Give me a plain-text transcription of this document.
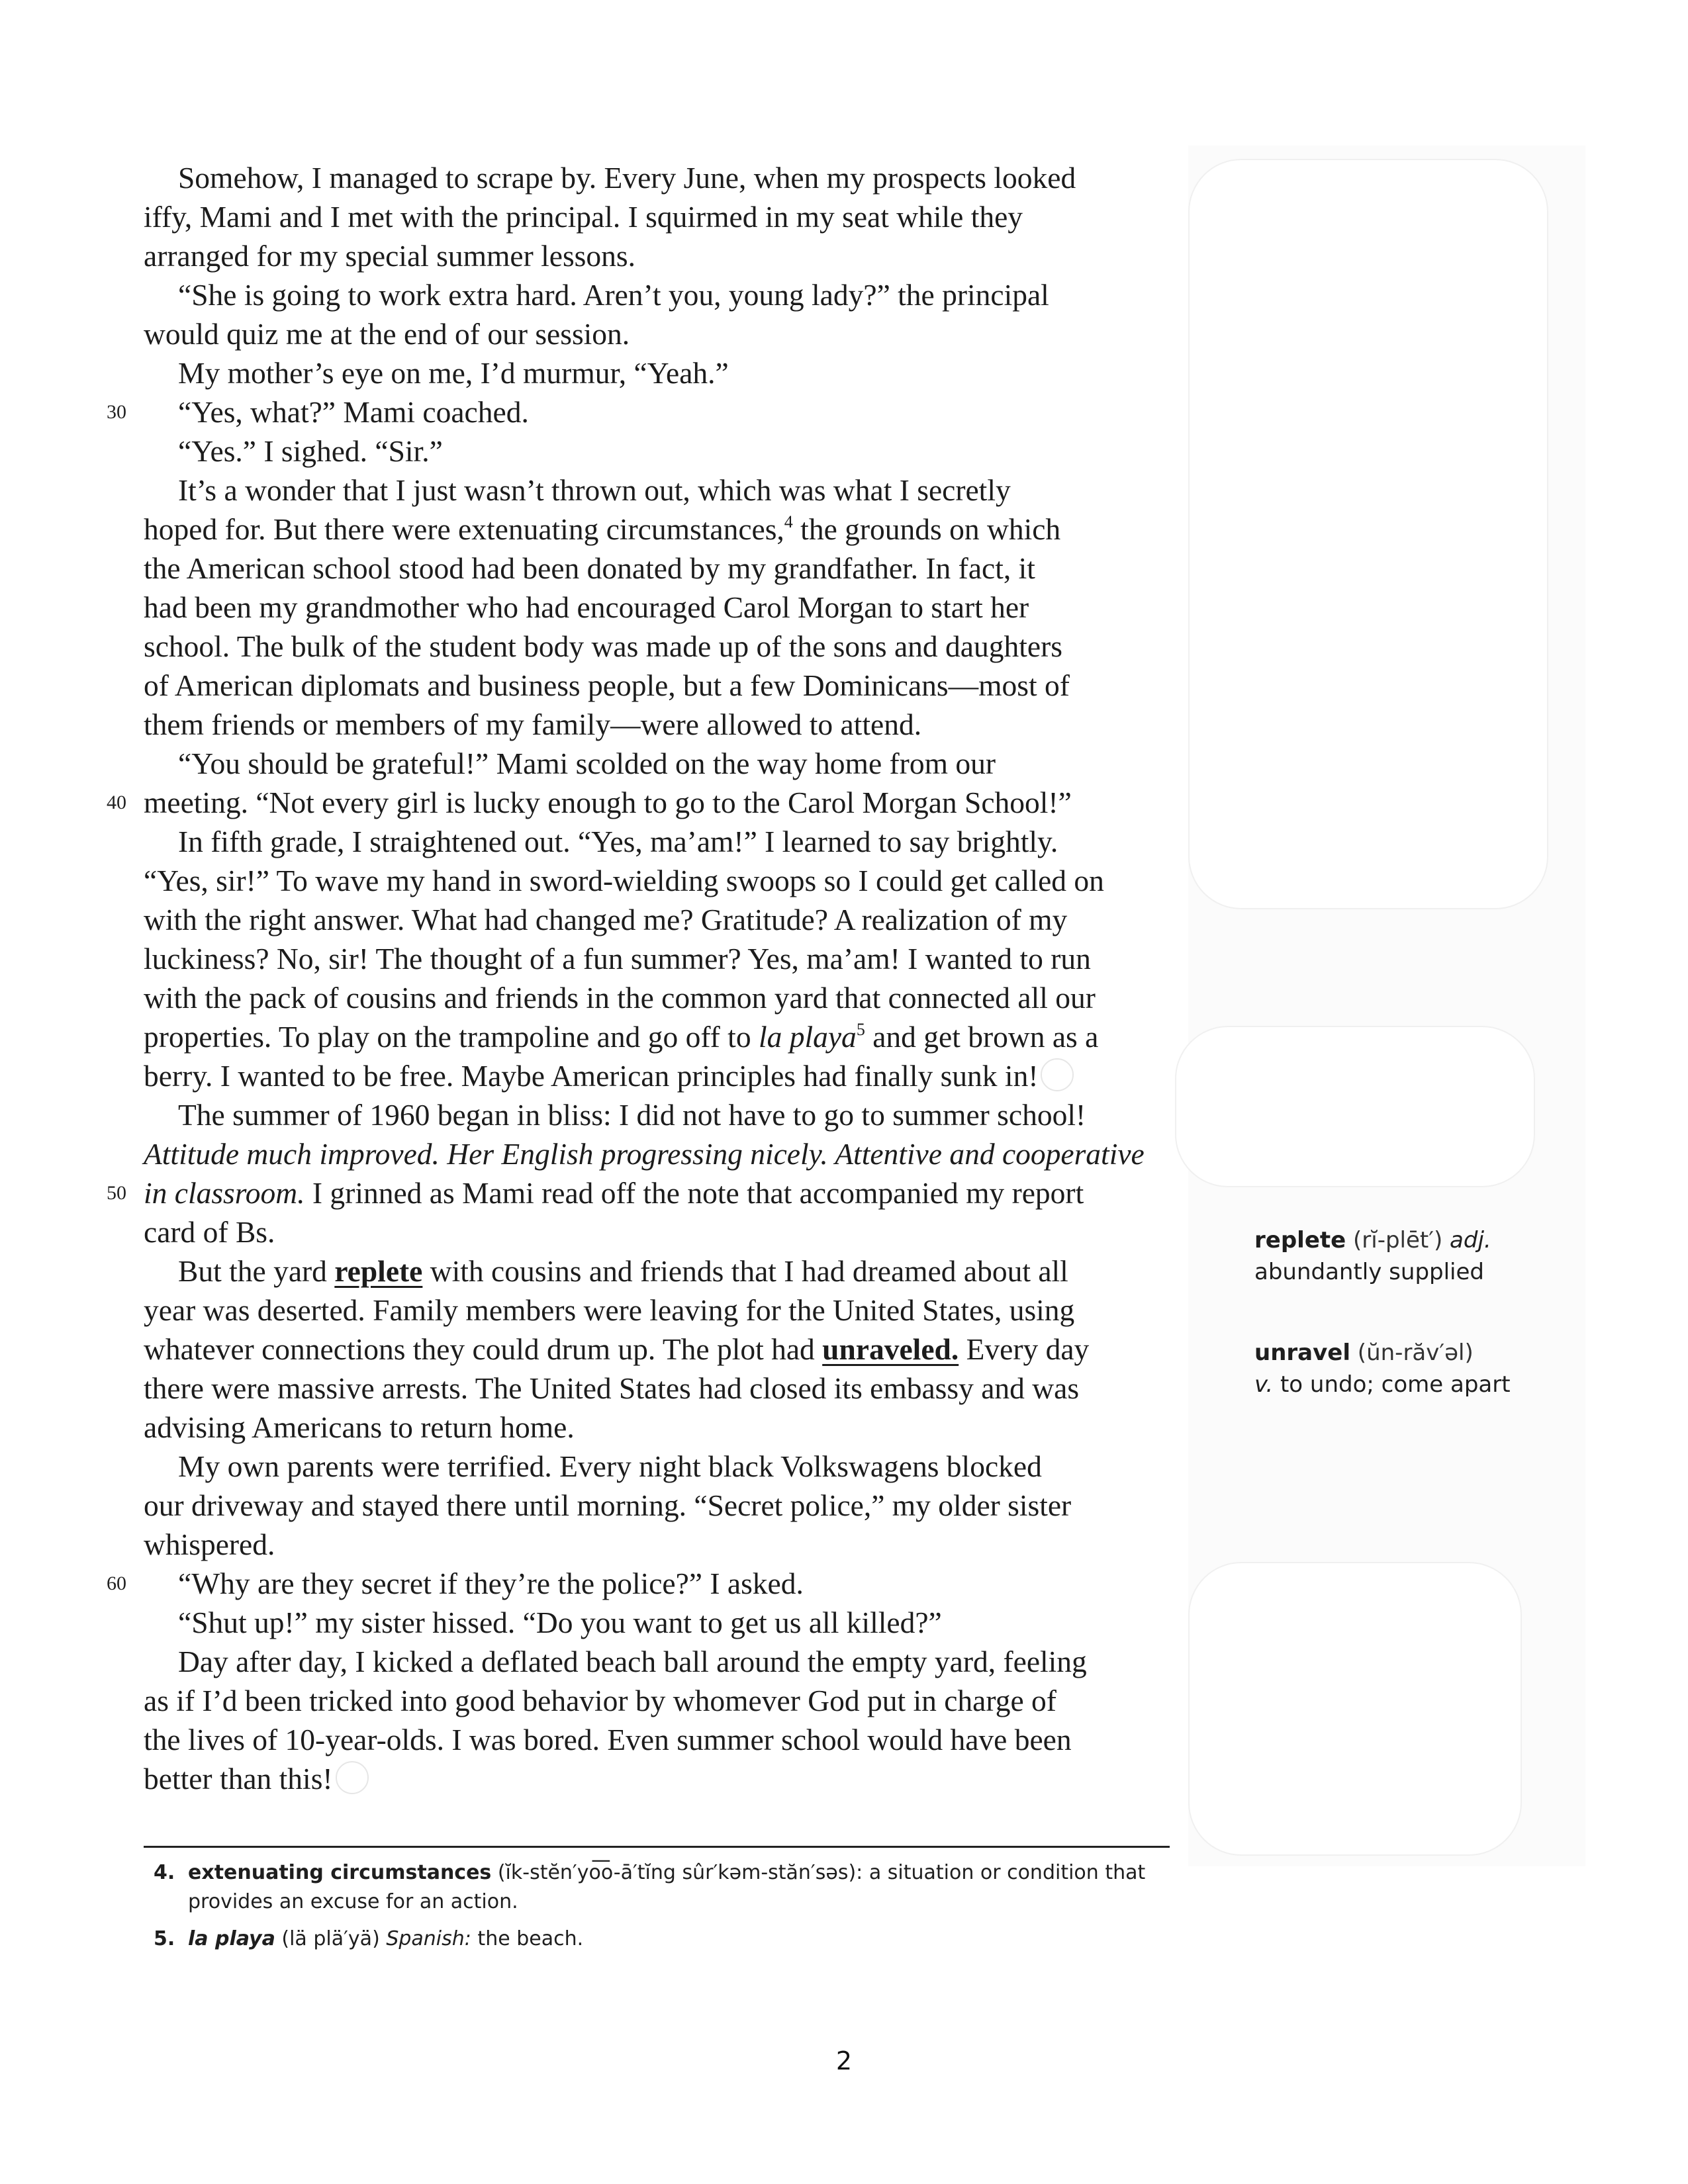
Somehow, I managed to scrape by. Every June, when my prospects looked
iffy, Mami and I met with the principal. I squirmed in my seat while they
arranged for my special summer lessons.
“She is going to work extra hard. Aren’t you, young lady?” the principal
would quiz me at the end of our session.
My mother’s eye on me, I’d murmur, “Yeah.”
30 “Yes, what?” Mami coached.
“Yes.” I sighed. “Sir.”
It’s a wonder that I just wasn’t thrown out, which was what I secretly
hoped for. But there were extenuating circumstances,$^4$ the grounds on which
the American school stood had been donated by my grandfather. In fact, it
had been my grandmother who had encouraged Carol Morgan to start her
school. The bulk of the student body was made up of the sons and daughters
of American diplomats and business people, but a few Dominicans—most of
them friends or members of my family—were allowed to attend.
“You should be grateful!” Mami scolded on the way home from our
40 meeting. “Not every girl is lucky enough to go to the Carol Morgan School!”
In fifth grade, I straightened out. “Yes, ma’am!” I learned to say brightly.
“Yes, sir!” To wave my hand in sword-wielding swoops so I could get called on
with the right answer. What had changed me? Gratitude? A realization of my
luckiness? No, sir! The thought of a fun summer? Yes, ma’am! I wanted to run
with the pack of cousins and friends in the common yard that connected all our
properties. To play on the trampoline and go off to la playa$^5$ and get brown as a
berry. I wanted to be free. Maybe American principles had finally sunk in!
The summer of 1960 began in bliss: I did not have to go to summer school!
Attitude much improved. Her English progressing nicely. Attentive and cooperative
50 in classroom. I grinned as Mami read off the note that accompanied my report
card of Bs.
But the yard replete with cousins and friends that I had dreamed about all
year was deserted. Family members were leaving for the United States, using
whatever connections they could drum up. The plot had unraveled. Every day
there were massive arrests. The United States had closed its embassy and was
advising Americans to return home.
My own parents were terrified. Every night black Volkswagens blocked
our driveway and stayed there until morning. “Secret police,” my older sister
whispered.
60 “Why are they secret if they’re the police?” I asked.
“Shut up!” my sister hissed. “Do you want to get us all killed?”
Day after day, I kicked a deflated beach ball around the empty yard, feeling
as if I’d been tricked into good behavior by whomever God put in charge of
the lives of 10-year-olds. I was bored. Even summer school would have been
better than this!
replete (rĭ-plēt′) adj.
abundantly supplied
unravel (ŭn-răv′əl)
v. to undo; come apart
4. extenuating circumstances (ĭk-stĕn′yo͞o-ā′tĭng sûr′kəm-stăn′səs): a situation or condition that provides an excuse for an action.
5. la playa (lä plä′yä) Spanish: the beach.
2
